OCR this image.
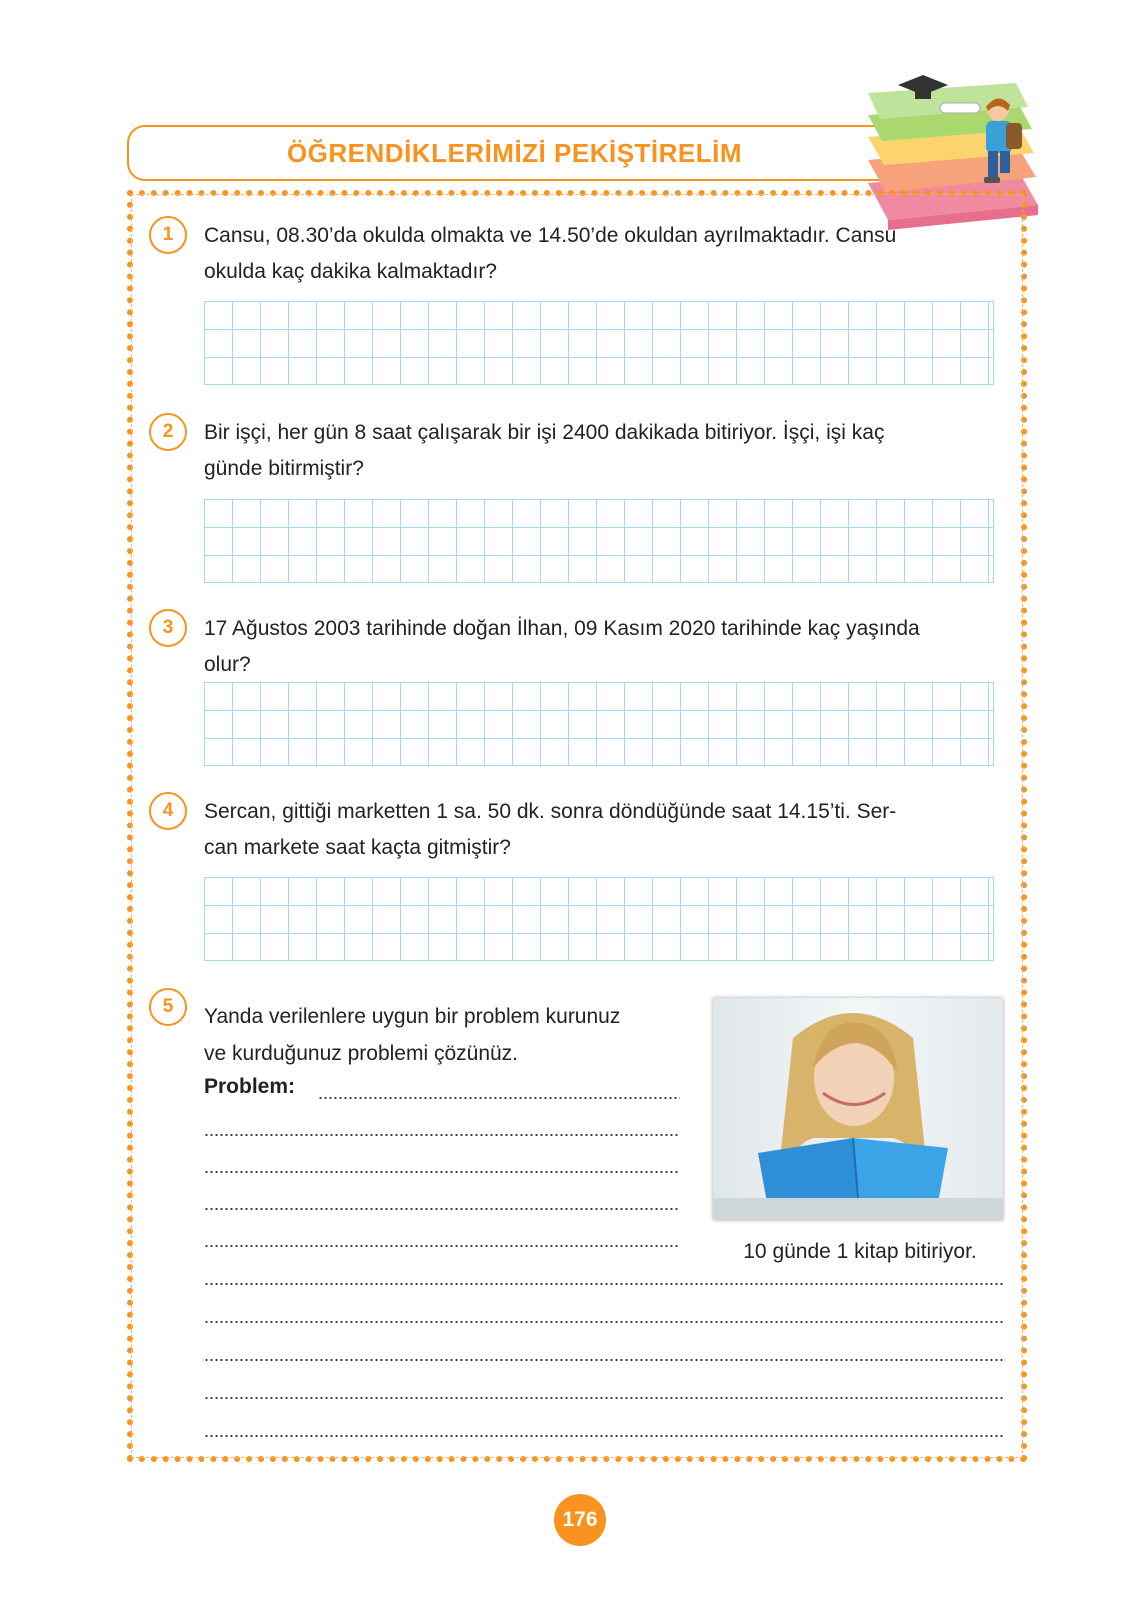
ÖĞRENDİKLERİMİZİ PEKİŞTİRELİM
1	Cansu, 08.30’da okulda olmakta ve 14.50’de okuldan ayrılmaktadır. Cansu
okulda kaç dakika kalmaktadır?
2	Bir işçi, her gün 8 saat çalışarak bir işi 2400 dakikada bitiriyor. İşçi, işi kaç
günde bitirmiştir?
3	17 Ağustos 2003 tarihinde doğan İlhan, 09 Kasım 2020 tarihinde kaç yaşında
olur?
4	Sercan, gittiği marketten 1 sa. 50 dk. sonra döndüğünde saat 14.15’ti. Ser-
can markete saat kaçta gitmiştir?
5	Yanda verilenlere uygun bir problem kurunuz
ve kurduğunuz problemi çözünüz.
Problem:
10 günde 1 kitap bitiriyor.
176
